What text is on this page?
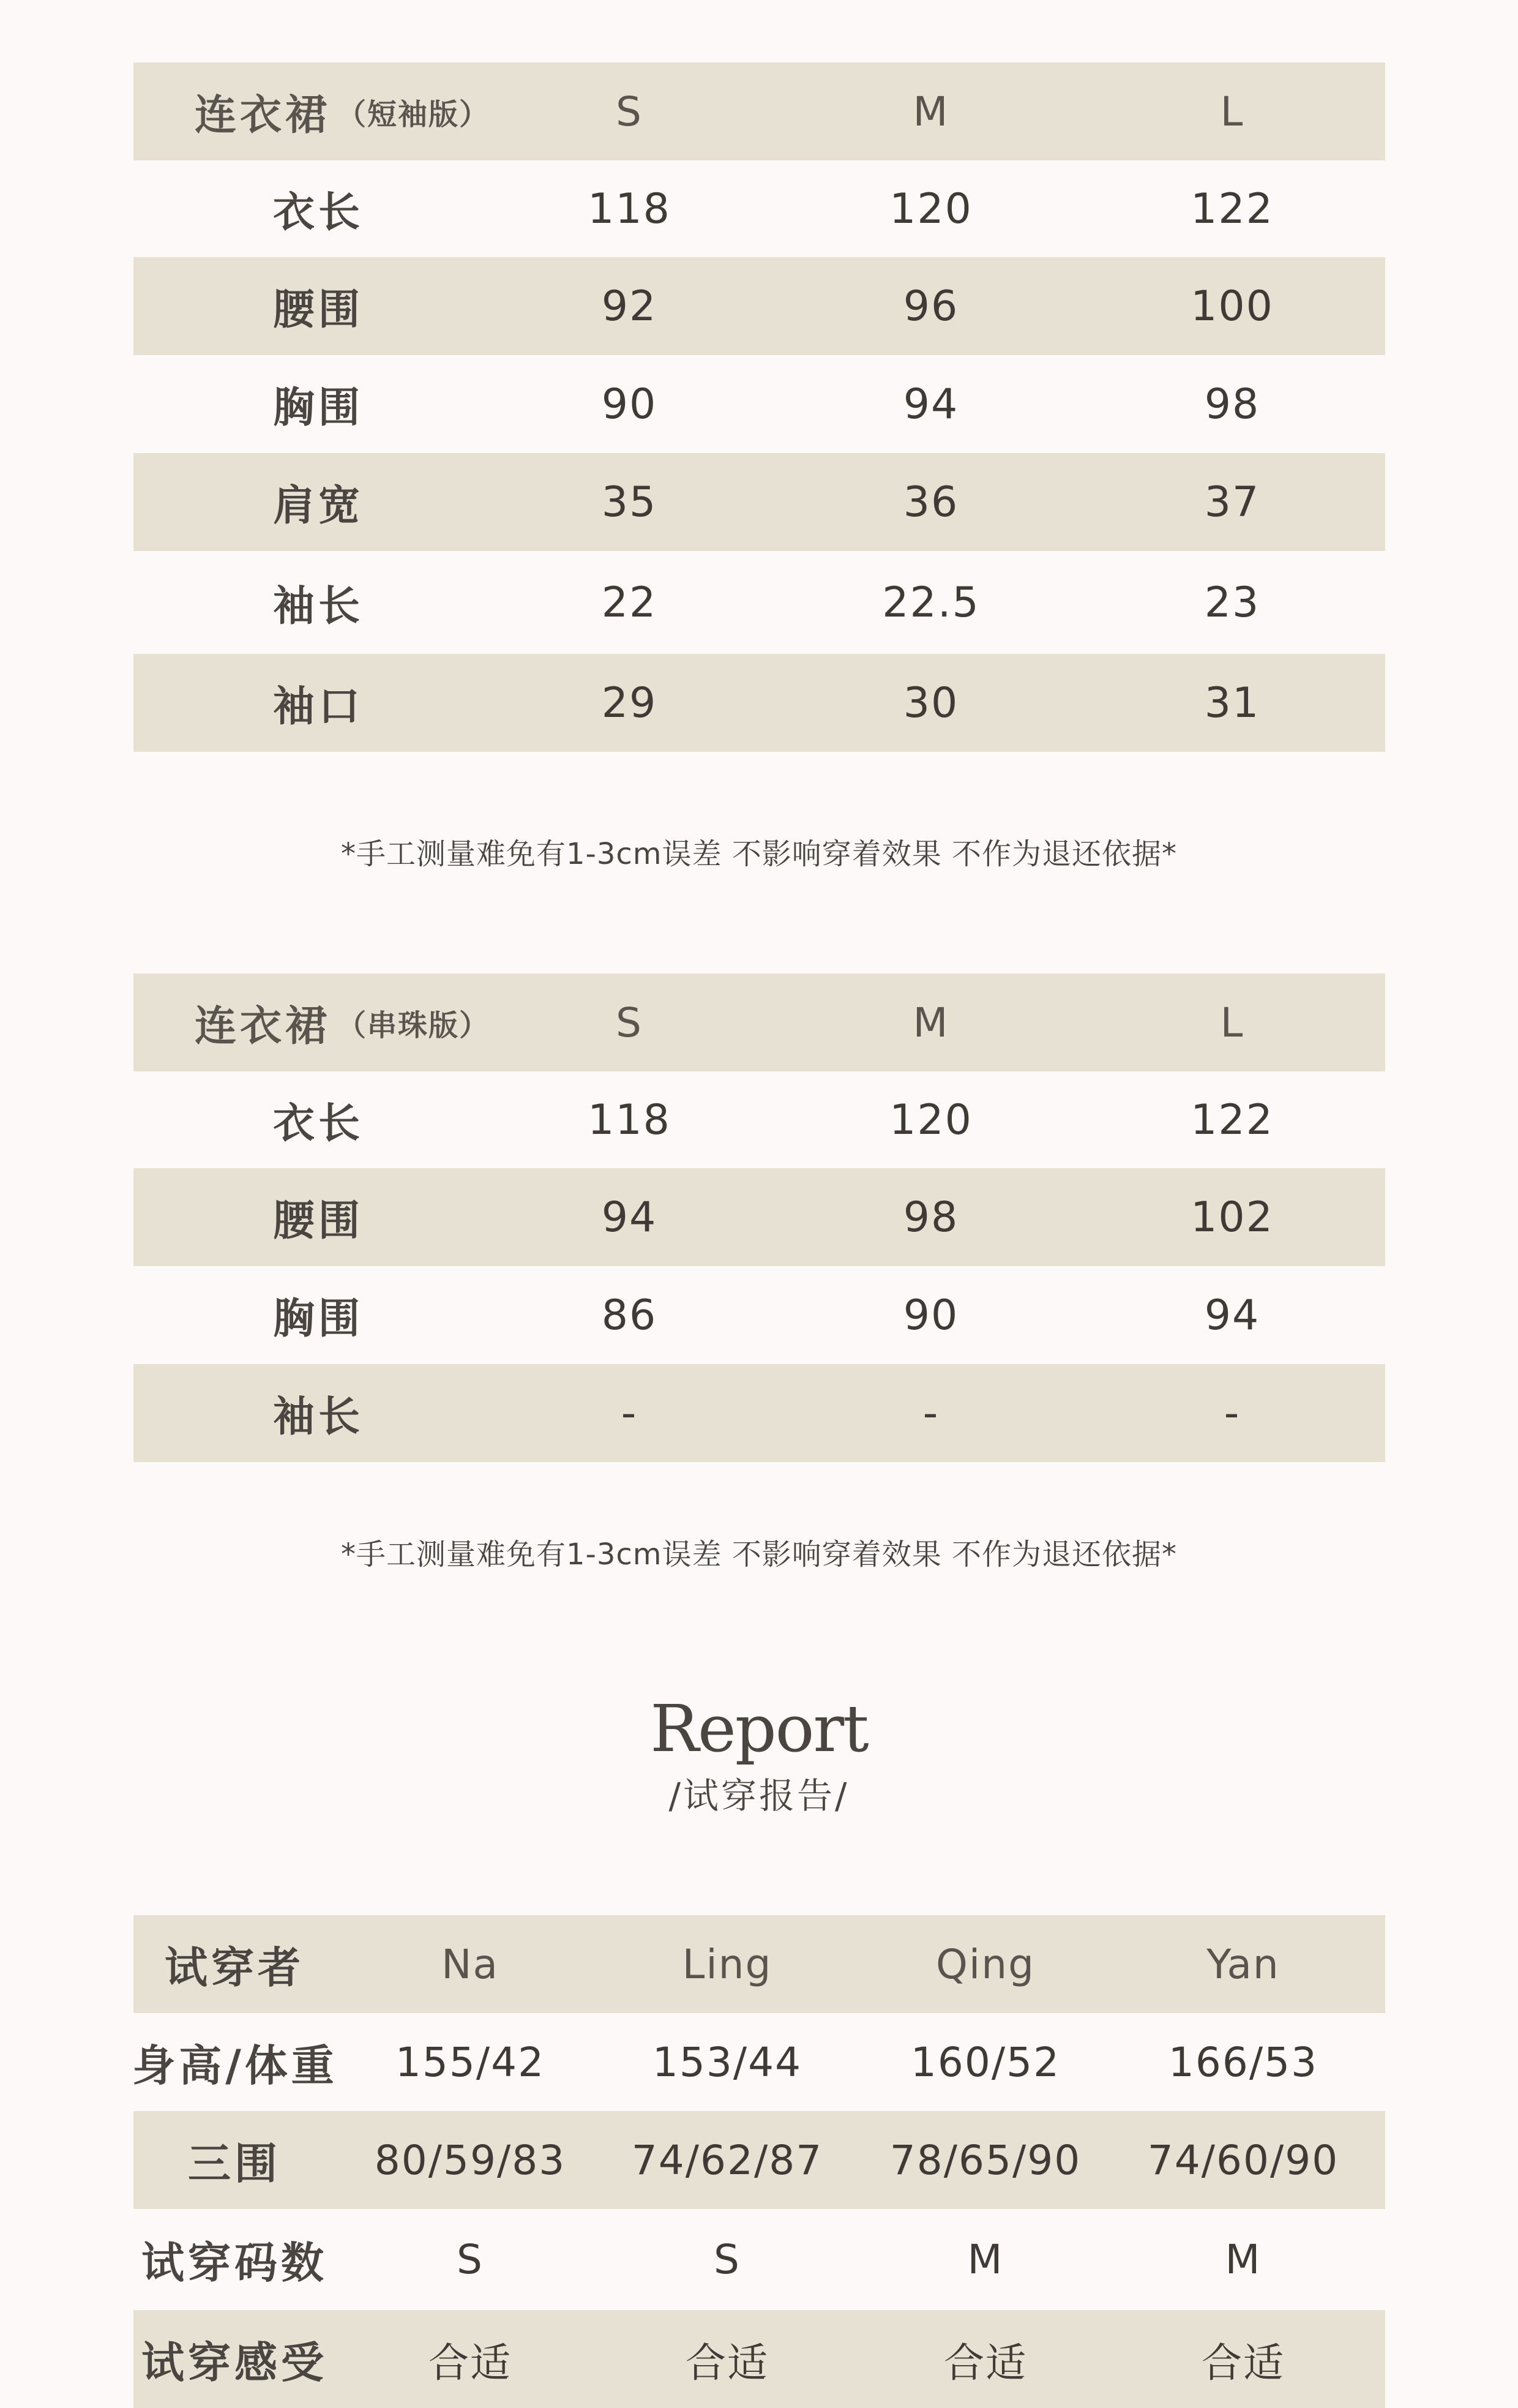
连衣裙 （短袖版）	S	M	L
衣长	118	120	122
腰围	92	96	100
胸围	90	94	98
肩宽	35	36	37
袖长	22	22.5	23
袖口	29	30	31
*手工测量难免有1-3cm误差 不影响穿着效果 不作为退还依据*
连衣裙 （串珠版）	S	M	L
衣长	118	120	122
腰围	94	98	102
胸围	86	90	94
袖长	-	-	-
*手工测量难免有1-3cm误差 不影响穿着效果 不作为退还依据*
Report
/试穿报告/
试穿者	Na	Ling	Qing	Yan
身高/体重	155/42	153/44	160/52	166/53
三围	80/59/83 74/62/87 78/65/90 74/60/90
试穿码数	S	S	M	M
试穿感受	合适	合适	合适	合适
